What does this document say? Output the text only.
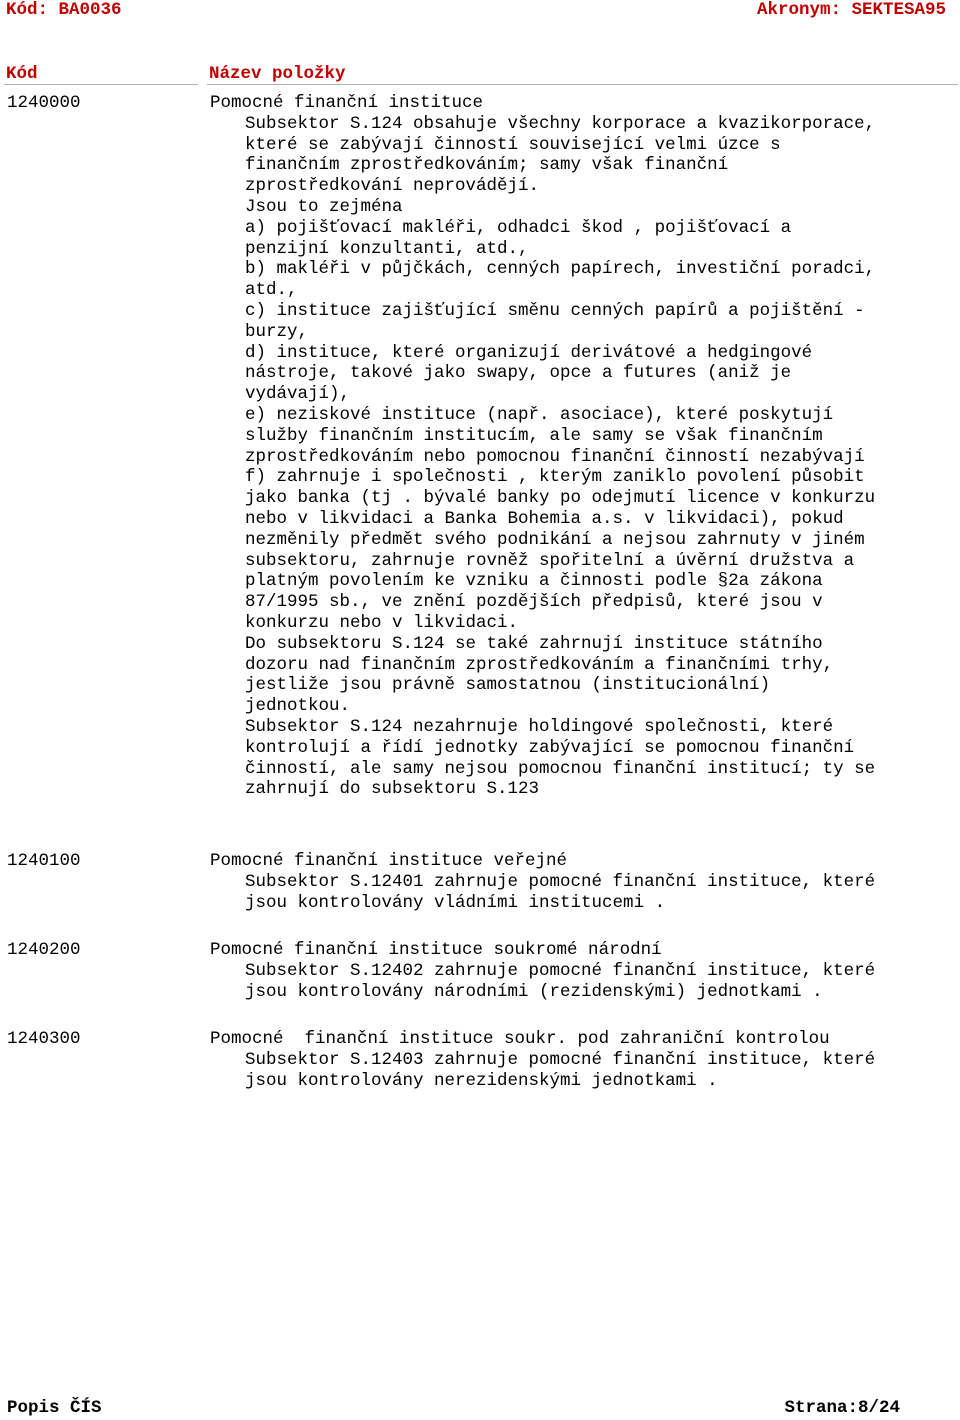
Kód: BA0036	Akronym: SEKTESA95
Kód	Název položky
1240000	Pomocné finanční instituce
Subsektor S.124 obsahuje všechny korporace a kvazikorporace,
které se zabývají činností související velmi úzce s
finančním zprostředkováním; samy však finanční
zprostředkování neprovádějí.
Jsou to zejména
a) pojišťovací makléři, odhadci škod , pojišťovací a
penzijní konzultanti, atd.,
b) makléři v půjčkách, cenných papírech, investiční poradci,
atd.,
c) instituce zajišťující směnu cenných papírů a pojištění -
burzy,
d) instituce, které organizují derivátové a hedgingové
nástroje, takové jako swapy, opce a futures (aniž je
vydávají),
e) neziskové instituce (např. asociace), které poskytují
služby finančním institucím, ale samy se však finančním
zprostředkováním nebo pomocnou finanční činností nezabývají
f) zahrnuje i společnosti , kterým zaniklo povolení působit
jako banka (tj . bývalé banky po odejmutí licence v konkurzu
nebo v likvidaci a Banka Bohemia a.s. v likvidaci), pokud
nezměnily předmět svého podnikání a nejsou zahrnuty v jiném
subsektoru, zahrnuje rovněž spořitelní a úvěrní družstva a
platným povolením ke vzniku a činnosti podle §2a zákona
87/1995 sb., ve znění pozdějších předpisů, které jsou v
konkurzu nebo v likvidaci.
Do subsektoru S.124 se také zahrnují instituce státního
dozoru nad finančním zprostředkováním a finančními trhy,
jestliže jsou právně samostatnou (institucionální)
jednotkou.
Subsektor S.124 nezahrnuje holdingové společnosti, které
kontrolují a řídí jednotky zabývající se pomocnou finanční
činností, ale samy nejsou pomocnou finanční institucí; ty se
zahrnují do subsektoru S.123
1240100	Pomocné finanční instituce veřejné
Subsektor S.12401 zahrnuje pomocné finanční instituce, které
jsou kontrolovány vládními institucemi .
1240200	Pomocné finanční instituce soukromé národní
Subsektor S.12402 zahrnuje pomocné finanční instituce, které
jsou kontrolovány národními (rezidenskými) jednotkami .
1240300	Pomocné  finanční instituce soukr. pod zahraniční kontrolou
Subsektor S.12403 zahrnuje pomocné finanční instituce, které
jsou kontrolovány nerezidenskými jednotkami .
Popis ČÍS	Strana:8/24
